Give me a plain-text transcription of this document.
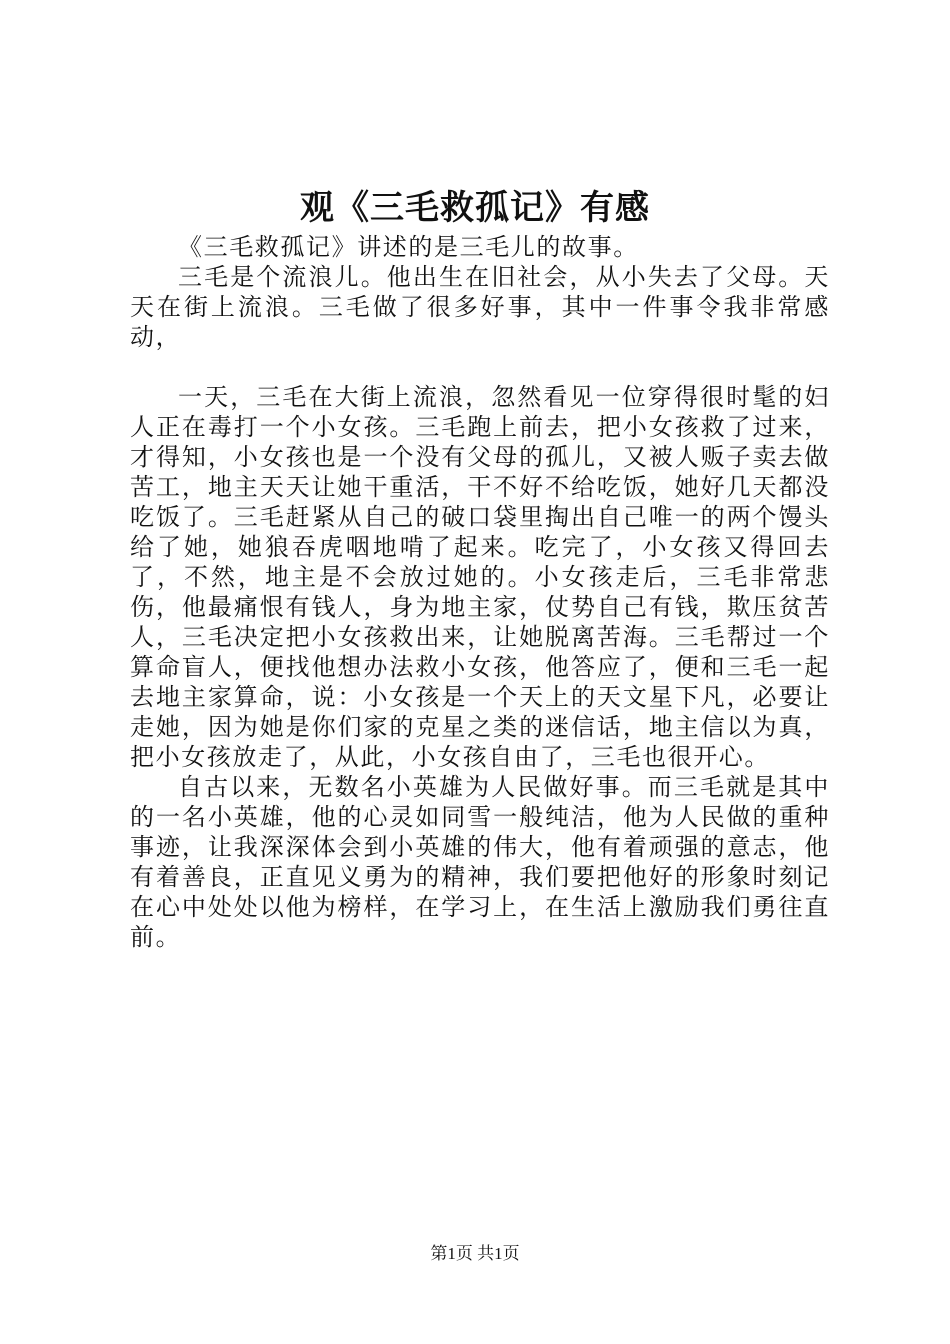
观《三毛救孤记》有感

《三毛救孤记》讲述的是三毛儿的故事。

三毛是个流浪儿。他出生在旧社会，从小失去了父母。天天在街上流浪。三毛做了很多好事，其中一件事令我非常感动，

一天，三毛在大街上流浪，忽然看见一位穿得很时髦的妇人正在毒打一个小女孩。三毛跑上前去，把小女孩救了过来，才得知，小女孩也是一个没有父母的孤儿，又被人贩子卖去做苦工，地主天天让她干重活，干不好不给吃饭，她好几天都没吃饭了。三毛赶紧从自己的破口袋里掏出自己唯一的两个馒头给了她，她狼吞虎咽地啃了起来。吃完了，小女孩又得回去了，不然，地主是不会放过她的。小女孩走后，三毛非常悲伤，他最痛恨有钱人，身为地主家，仗势自己有钱，欺压贫苦人，三毛决定把小女孩救出来，让她脱离苦海。三毛帮过一个算命盲人，便找他想办法救小女孩，他答应了，便和三毛一起去地主家算命，说：小女孩是一个天上的天文星下凡，必要让走她，因为她是你们家的克星之类的迷信话，地主信以为真，把小女孩放走了，从此，小女孩自由了，三毛也很开心。

自古以来，无数名小英雄为人民做好事。而三毛就是其中的一名小英雄，他的心灵如同雪一般纯洁，他为人民做的重种事迹，让我深深体会到小英雄的伟大，他有着顽强的意志，他有着善良，正直见义勇为的精神，我们要把他好的形象时刻记在心中处处以他为榜样，在学习上，在生活上激励我们勇往直前。

第1页 共1页
